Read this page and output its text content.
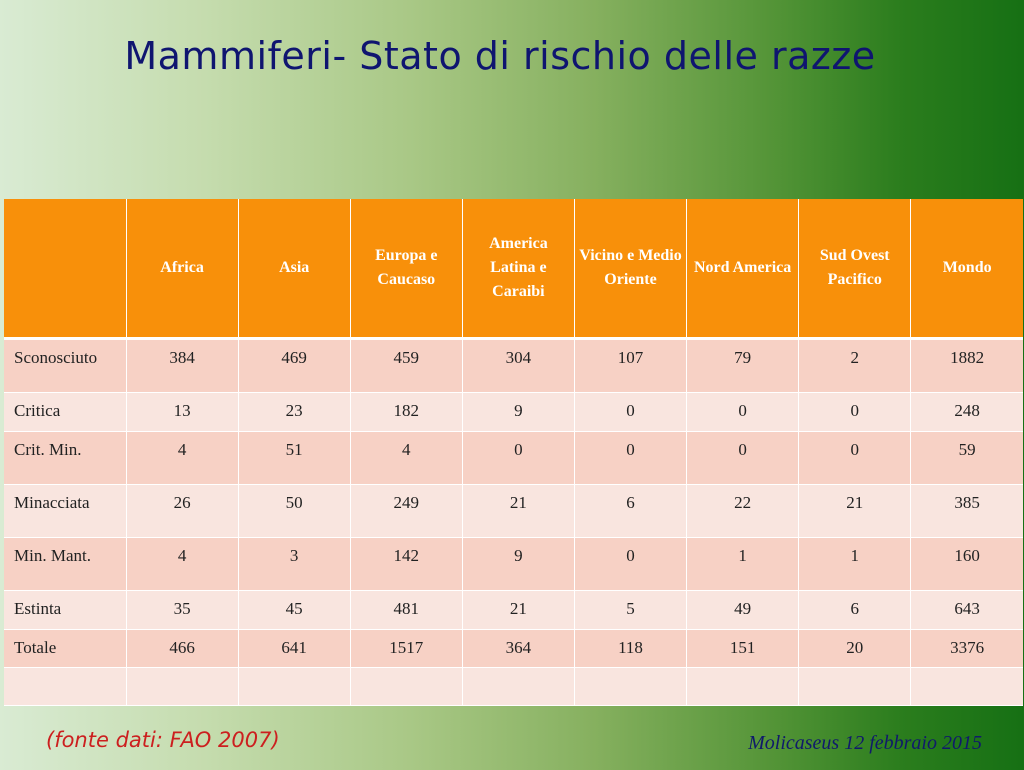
Mammiferi- Stato di rischio delle razze
	Africa	Asia	Europa e Caucaso	America Latina e Caraibi	Vicino e Medio Oriente	Nord America	Sud Ovest Pacifico	Mondo
Sconosciuto	384	469	459	304	107	79	2	1882
Critica	13	23	182	9	0	0	0	248
Crit. Min.	4	51	4	0	0	0	0	59
Minacciata	26	50	249	21	6	22	21	385
Min. Mant.	4	3	142	9	0	1	1	160
Estinta	35	45	481	21	5	49	6	643
Totale	466	641	1517	364	118	151	20	3376

(fonte dati: FAO 2007)	Molicaseus 12 febbraio 2015
